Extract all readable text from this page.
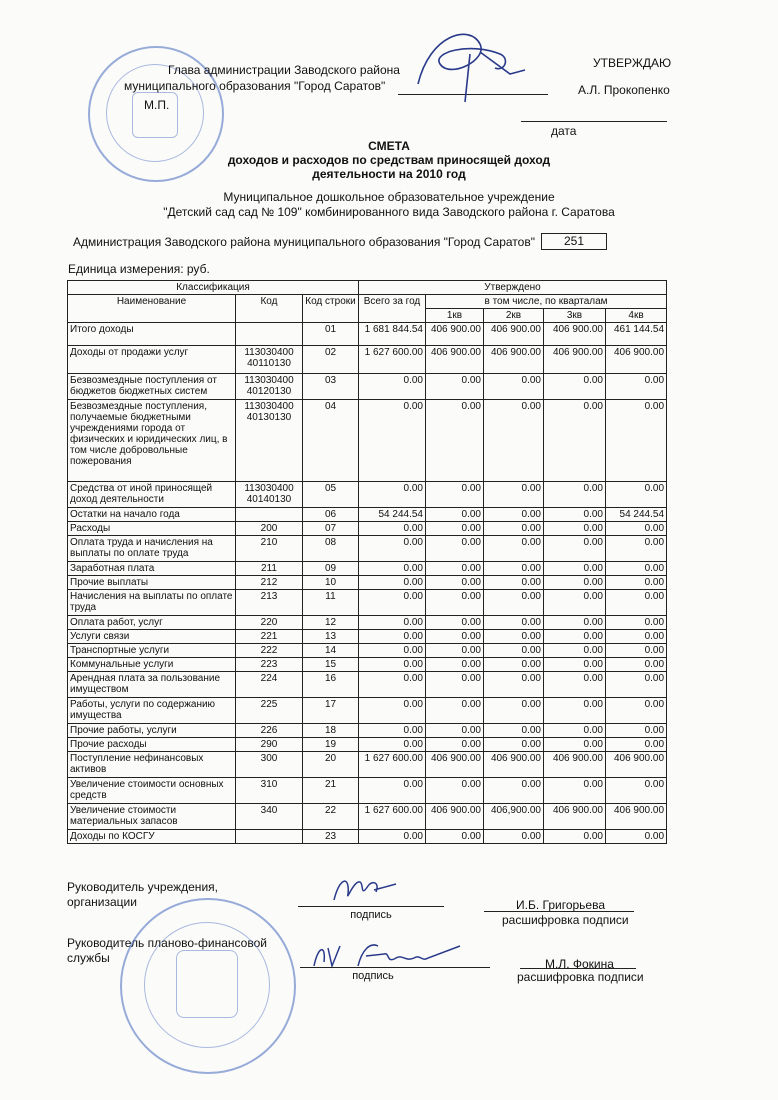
УТВЕРЖДАЮ
Глава администрации Заводского района
муниципального образования "Город Саратов"
М.П.
А.Л. Прокопенко
дата
СМЕТА
доходов и расходов по средствам приносящей доход
деятельности на 2010 год
Муниципальное дошкольное образовательное учреждение
"Детский сад сад № 109" комбинированного вида Заводского района г. Саратова
Администрация Заводского района муниципального образования "Город Саратов"	251
Единица измерения: руб.
Классификация			Утверждено				
Наименование	Код	Код строки	Всего за год	в том числе, по кварталам			
				1кв	2кв	3кв	4кв
Итого доходы		01	1 681 844.54	406 900.00	406 900.00	406 900.00	461 144.54
Доходы от продажи услуг	113030400 40110130	02	1 627 600.00	406 900.00	406 900.00	406 900.00	406 900.00
Безвозмездные поступления от бюджетов бюджетных систем	113030400 40120130	03	0.00	0.00	0.00	0.00	0.00
Безвозмездные поступления, получаемые бюджетными учреждениями города от физических и юридических лиц, в том числе добровольные пожерования	113030400 40130130	04	0.00	0.00	0.00	0.00	0.00
Средства от иной приносящей доход деятельности	113030400 40140130	05	0.00	0.00	0.00	0.00	0.00
Остатки на начало года		06	54 244.54	0.00	0.00	0.00	54 244.54
Расходы	200	07	0.00	0.00	0.00	0.00	0.00
Оплата труда и начисления на выплаты по оплате труда	210	08	0.00	0.00	0.00	0.00	0.00
Заработная плата	211	09	0.00	0.00	0.00	0.00	0.00
Прочие выплаты	212	10	0.00	0.00	0.00	0.00	0.00
Начисления на выплаты по оплате труда	213	11	0.00	0.00	0.00	0.00	0.00
Оплата работ, услуг	220	12	0.00	0.00	0.00	0.00	0.00
Услуги связи	221	13	0.00	0.00	0.00	0.00	0.00
Транспортные услуги	222	14	0.00	0.00	0.00	0.00	0.00
Коммунальные услуги	223	15	0.00	0.00	0.00	0.00	0.00
Арендная плата за пользование имуществом	224	16	0.00	0.00	0.00	0.00	0.00
Работы, услуги по содержанию имущества	225	17	0.00	0.00	0.00	0.00	0.00
Прочие работы, услуги	226	18	0.00	0.00	0.00	0.00	0.00
Прочие расходы	290	19	0.00	0.00	0.00	0.00	0.00
Поступление нефинансовых активов	300	20	1 627 600.00	406 900.00	406 900.00	406 900.00	406 900.00
Увеличение стоимости основных средств	310	21	0.00	0.00	0.00	0.00	0.00
Увеличение стоимости материальных запасов	340	22	1 627 600.00	406 900.00	406,900.00	406 900.00	406 900.00
Доходы по КОСГУ		23	0.00	0.00	0.00	0.00	0.00
Руководитель учреждения,
организации
подпись
И.Б. Григорьева
расшифровка подписи
Руководитель планово-финансовой
службы
подпись
М.Л. Фокина
расшифровка подписи
